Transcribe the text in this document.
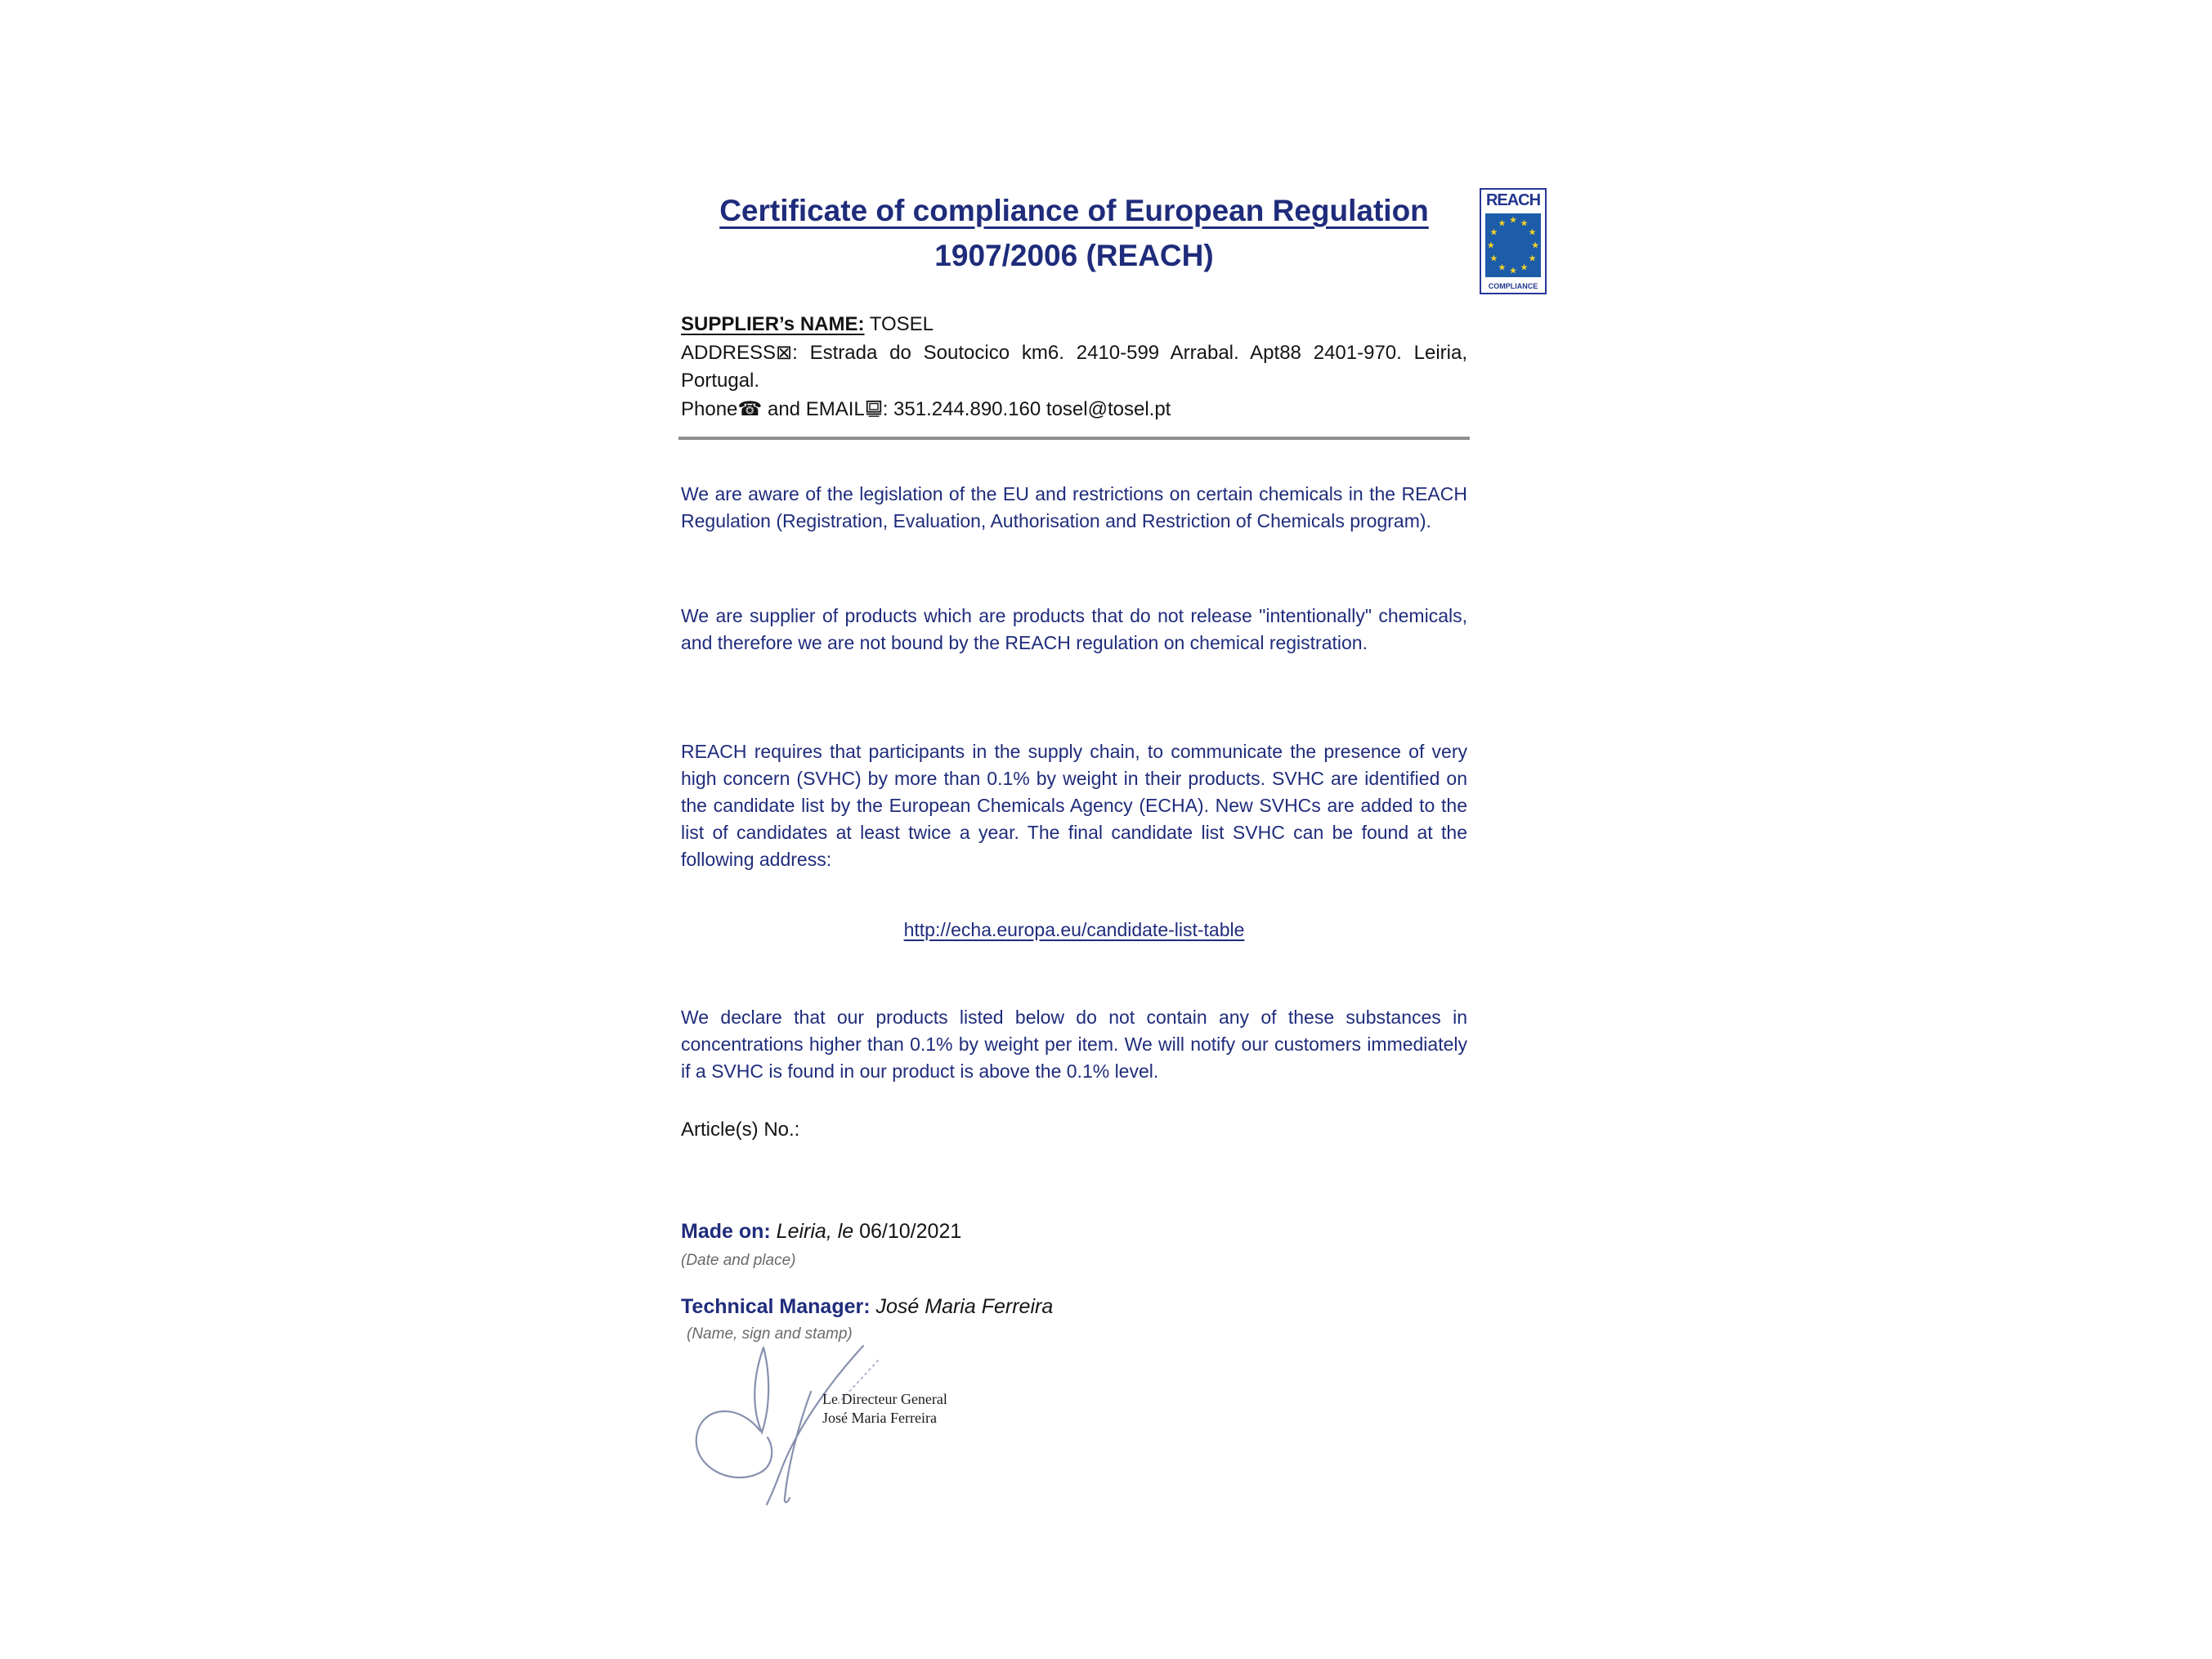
Certificate of compliance of European Regulation
1907/2006 (REACH)
REACH
★ ★
★
★
★
★
★
★
★
★
★
★
COMPLIANCE

SUPPLIER’s NAME: TOSEL

ADDRESS⊠: Estrada do Soutocico km6. 2410-599 Arrabal. Apt88 2401-970. Leiria, Portugal.

Phone☎ and EMAIL : 351.244.890.160 tosel@tosel.pt

We are aware of the legislation of the EU and restrictions on certain chemicals in the REACH Regulation (Registration, Evaluation, Authorisation and Restriction of Chemicals program).

We are supplier of products which are products that do not release "intentionally" chemicals, and therefore we are not bound by the REACH regulation on chemical registration.

REACH requires that participants in the supply chain, to communicate the presence of very high concern (SVHC) by more than 0.1% by weight in their products. SVHC are identified on the candidate list by the European Chemicals Agency (ECHA). New SVHCs are added to the list of candidates at least twice a year. The final candidate list SVHC can be found at the following address:

http://echa.europa.eu/candidate-list-table

We declare that our products listed below do not contain any of these substances in concentrations higher than 0.1% by weight per item. We will notify our customers immediately if a SVHC is found in our product is above the 0.1% level.

Article(s) No.:
Made on: Leiria, le 06/10/2021
(Date and place)
Technical Manager: José Maria Ferreira
(Name, sign and stamp)
Le Directeur General
José Maria Ferreira
